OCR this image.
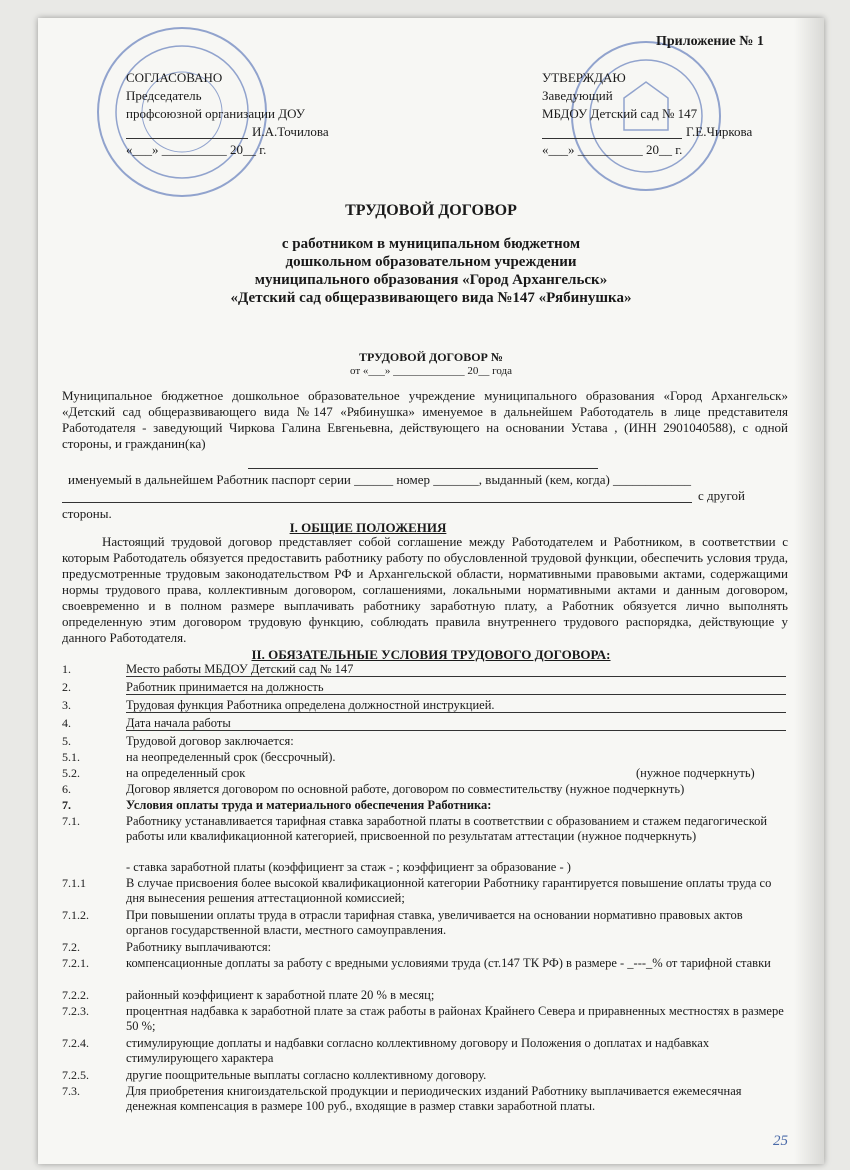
Приложение № 1
СОГЛАСОВАНО
Председатель
профсоюзной организации ДОУ
И.А.Точилова
«___» __________ 20__ г.
УТВЕРЖДАЮ
Заведующий
МБДОУ Детский сад № 147
Г.Е.Чиркова
«___» __________ 20__ г.
ТРУДОВОЙ ДОГОВОР
с работником в муниципальном бюджетном
дошкольном образовательном учреждении
муниципального образования «Город Архангельск»
«Детский сад общеразвивающего вида №147 «Рябинушка»
ТРУДОВОЙ ДОГОВОР №
от «___» _____________ 20__ года
Муниципальное бюджетное дошкольное образовательное учреждение муниципального образования «Город Архангельск» «Детский сад общеразвивающего вида №147 «Рябинушка» именуемое в дальнейшем Работодатель в лице представителя Работодателя - заведующий Чиркова Галина Евгеньевна, действующего на основании Устава , (ИНН 2901040588), с одной стороны, и гражданин(ка)
именуемый в дальнейшем Работник паспорт серии ______ номер _______, выданный (кем, когда) ____________
с другой
стороны.
I. ОБЩИЕ ПОЛОЖЕНИЯ
Настоящий трудовой договор представляет собой соглашение между Работодателем и Работником, в соответствии с которым Работодатель обязуется предоставить работнику работу по обусловленной трудовой функции, обеспечить условия труда, предусмотренные трудовым законодательством РФ и Архангельской области, нормативными правовыми актами, содержащими нормы трудового права, коллективным договором, соглашениями, локальными нормативными актами и данным договором, своевременно и в полном размере выплачивать работнику заработную плату, а Работник обязуется лично выполнять определенную этим договором трудовую функцию, соблюдать правила внутреннего трудового распорядка, действующие у данного Работодателя.
II. ОБЯЗАТЕЛЬНЫЕ УСЛОВИЯ ТРУДОВОГО ДОГОВОРА:
1.	Место работы МБДОУ Детский сад № 147
2.	Работник принимается на должность
3.	Трудовая функция Работника определена должностной инструкцией.
4.	Дата начала работы
5.	Трудовой договор заключается:
5.1.	на неопределенный срок (бессрочный).
5.2.	на определенный срок	(нужное подчеркнуть)
6.	Договор является договором по основной работе, договором по совместительству (нужное подчеркнуть)
7.	Условия оплаты труда и материального обеспечения Работника:
7.1.	Работнику устанавливается тарифная ставка заработной платы в соответствии с образованием и стажем педагогической работы или квалификационной категорией, присвоенной по результатам аттестации (нужное подчеркнуть)
- ставка заработной платы (коэффициент за стаж - ; коэффициент за образование - )
7.1.1	В случае присвоения более высокой квалификационной категории Работнику гарантируется повышение оплаты труда со дня вынесения решения аттестационной комиссией;
7.1.2.	При повышении оплаты труда в отрасли тарифная ставка, увеличивается на основании нормативно правовых актов органов государственной власти, местного самоуправления.
7.2.	Работнику выплачиваются:
7.2.1.	компенсационные доплаты за работу с вредными условиями труда (ст.147 ТК РФ) в размере - _---_% от тарифной ставки
7.2.2.	районный коэффициент к заработной плате 20 % в месяц;
7.2.3.	процентная надбавка к заработной плате за стаж работы в районах Крайнего Севера и приравненных местностях в размере 50 %;
7.2.4.	стимулирующие доплаты и надбавки согласно коллективному договору и Положения о доплатах и надбавках стимулирующего характера
7.2.5.	другие поощрительные выплаты согласно коллективному договору.
7.3.	Для приобретения книгоиздательской продукции и периодических изданий Работнику выплачивается ежемесячная денежная компенсация в размере 100 руб., входящие в размер ставки заработной платы.
25
